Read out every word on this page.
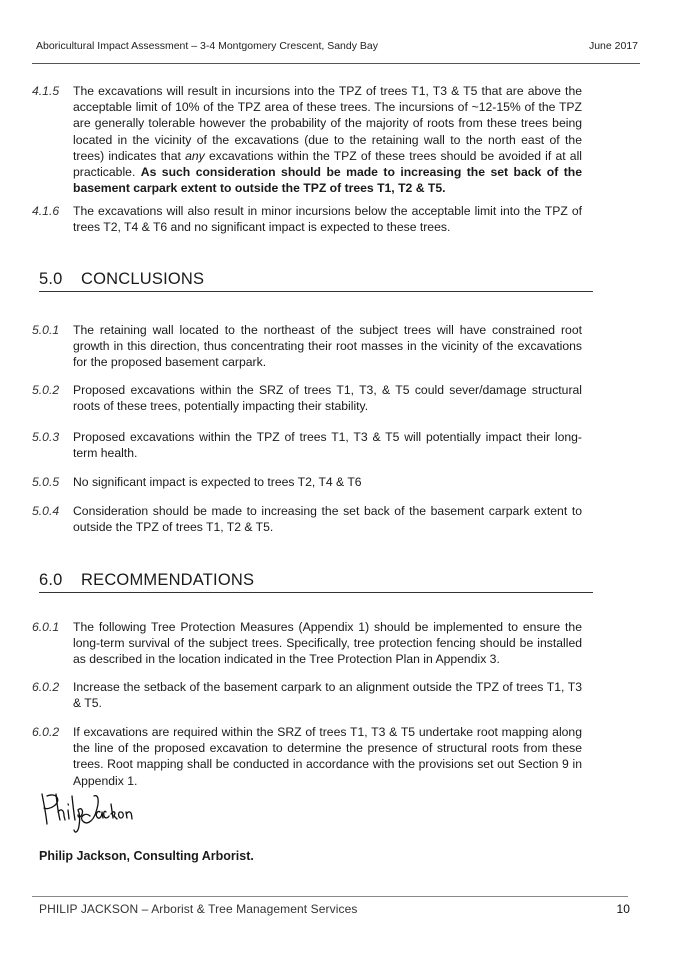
Aboricultural Impact Assessment – 3-4 Montgomery Crescent, Sandy Bay	June 2017
4.1.5	The excavations will result in incursions into the TPZ of trees T1, T3 & T5 that are above the acceptable limit of 10% of the TPZ area of these trees. The incursions of ~12-15% of the TPZ are generally tolerable however the probability of the majority of roots from these trees being located in the vicinity of the excavations (due to the retaining wall to the north east of the trees) indicates that any excavations within the TPZ of these trees should be avoided if at all practicable. As such consideration should be made to increasing the set back of the basement carpark extent to outside the TPZ of trees T1, T2 & T5.
4.1.6	The excavations will also result in minor incursions below the acceptable limit into the TPZ of trees T2, T4 & T6 and no significant impact is expected to these trees.
5.0 CONCLUSIONS
5.0.1	The retaining wall located to the northeast of the subject trees will have constrained root growth in this direction, thus concentrating their root masses in the vicinity of the excavations for the proposed basement carpark.
5.0.2	Proposed excavations within the SRZ of trees T1, T3, & T5 could sever/damage structural roots of these trees, potentially impacting their stability.
5.0.3	Proposed excavations within the TPZ of trees T1, T3 & T5 will potentially impact their long-term health.
5.0.5	No significant impact is expected to trees T2, T4 & T6
5.0.4	Consideration should be made to increasing the set back of the basement carpark extent to outside the TPZ of trees T1, T2 & T5.
6.0 RECOMMENDATIONS
6.0.1	The following Tree Protection Measures (Appendix 1) should be implemented to ensure the long-term survival of the subject trees. Specifically, tree protection fencing should be installed as described in the location indicated in the Tree Protection Plan in Appendix 3.
6.0.2	Increase the setback of the basement carpark to an alignment outside the TPZ of trees T1, T3 & T5.
6.0.2	If excavations are required within the SRZ of trees T1, T3 & T5 undertake root mapping along the line of the proposed excavation to determine the presence of structural roots from these trees. Root mapping shall be conducted in accordance with the provisions set out Section 9 in Appendix 1.
Philip Jackson, Consulting Arborist.
PHILIP JACKSON – Arborist & Tree Management Services	10
